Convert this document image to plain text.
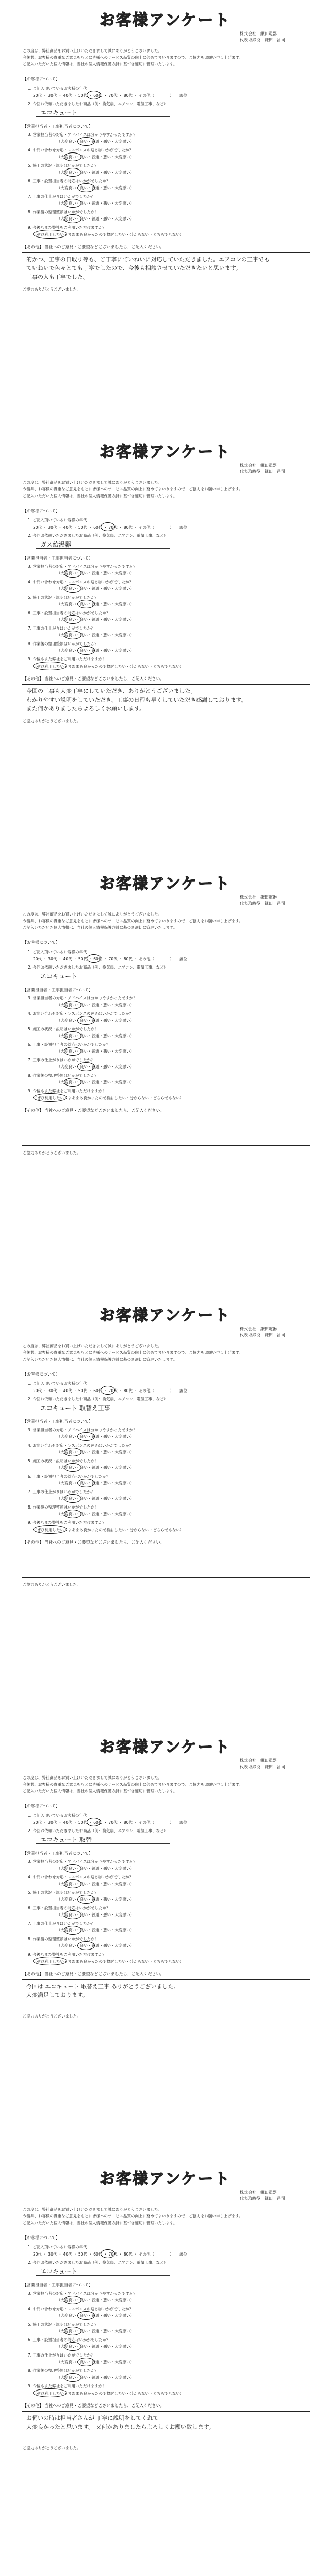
お客様アンケート
株式会社　鎌田電器
代表取締役　鎌田　昌司
この度は、弊社商品をお買い上げいただきまして誠にありがとうございました。
今後共、お客様の貴重なご意見をもとに皆様へのサービス品質の向上に努めてまいりますので、ご協力をお願い申し上げます。
ご記入いただいた個人情報は、当社の個人情報保護方針に基づき適切に管理いたします。
【お客様について】
1. ご記入頂いているお客様の年代
20代 ・ 30代 ・ 40代 ・ 50代 ・ 60代 ・ 70代 ・ 80代 ・ その他（　　　　）　　歳位
2. 今回お依頼いただきましたお商品（例：換気扇、エアコン、電気工事、など）
エコキュート
【営業担当者・工事担当者について】
3. 営業担当者の対応・アドバイスは分かりやすかったですか？
（大変良い・良い・普通・悪い・大変悪い）
4. お問い合わせ対応・レスポンスの速さはいかがでしたか？
（大変良い・良い・普通・悪い・大変悪い）
5. 施工の状況・説明はいかがでしたか？
（大変良い・良い・普通・悪い・大変悪い）
6. 工事・設置担当者の対応はいかがでしたか？
（大変良い・良い・普通・悪い・大変悪い）
7. 工事の仕上がりはいかがでしたか？
（大変良い・良い・普通・悪い・大変悪い）
8. 作業後の整理整頓はいかがでしたか？
（大変良い・良い・普通・悪い・大変悪い）
9. 今後もまた弊社をご利用いただけますか？
（ぜひ利用したい・まあまあ良かったので検討したい・分からない・どちらでもない）
【その他】 当社へのご意見・ご要望などございましたら、ご記入ください。
的かつ、工事の日取り等も、ご丁寧にていねいに対応していただきました。エアコンの工事でも
ていねいで色々とても丁寧でしたので、今後も相談させていただきたいと思います。
工事の人も丁寧でした。
ご協力ありがとうございました。
お客様アンケート
株式会社　鎌田電器
代表取締役　鎌田　昌司
この度は、弊社商品をお買い上げいただきまして誠にありがとうございました。
今後共、お客様の貴重なご意見をもとに皆様へのサービス品質の向上に努めてまいりますので、ご協力をお願い申し上げます。
ご記入いただいた個人情報は、当社の個人情報保護方針に基づき適切に管理いたします。
【お客様について】
1. ご記入頂いているお客様の年代
20代 ・ 30代 ・ 40代 ・ 50代 ・ 60代 ・ 70代 ・ 80代 ・ その他（　　　　）　　歳位
2. 今回お依頼いただきましたお商品（例：換気扇、エアコン、電気工事、など）
ガス給湯器
【営業担当者・工事担当者について】
3. 営業担当者の対応・アドバイスは分かりやすかったですか？
（大変良い・良い・普通・悪い・大変悪い）
4. お問い合わせ対応・レスポンスの速さはいかがでしたか？
（大変良い・良い・普通・悪い・大変悪い）
5. 施工の状況・説明はいかがでしたか？
（大変良い・良い・普通・悪い・大変悪い）
6. 工事・設置担当者の対応はいかがでしたか？
（大変良い・良い・普通・悪い・大変悪い）
7. 工事の仕上がりはいかがでしたか？
（大変良い・良い・普通・悪い・大変悪い）
8. 作業後の整理整頓はいかがでしたか？
（大変良い・良い・普通・悪い・大変悪い）
9. 今後もまた弊社をご利用いただけますか？
（ぜひ利用したい・まあまあ良かったので検討したい・分からない・どちらでもない）
【その他】 当社へのご意見・ご要望などございましたら、ご記入ください。
今回の工事も大変丁寧にしていただき、ありがとうございました。
わかりやすい説明をしていただき、工事の日程も早くしていただき感謝しております。
また何かありましたらよろしくお願いします。
ご協力ありがとうございました。
お客様アンケート
株式会社　鎌田電器
代表取締役　鎌田　昌司
この度は、弊社商品をお買い上げいただきまして誠にありがとうございました。
今後共、お客様の貴重なご意見をもとに皆様へのサービス品質の向上に努めてまいりますので、ご協力をお願い申し上げます。
ご記入いただいた個人情報は、当社の個人情報保護方針に基づき適切に管理いたします。
【お客様について】
1. ご記入頂いているお客様の年代
20代 ・ 30代 ・ 40代 ・ 50代 ・ 60代 ・ 70代 ・ 80代 ・ その他（　　　　）　　歳位
2. 今回お依頼いただきましたお商品（例：換気扇、エアコン、電気工事、など）
エコキュート
【営業担当者・工事担当者について】
3. 営業担当者の対応・アドバイスは分かりやすかったですか？
（大変良い・良い・普通・悪い・大変悪い）
4. お問い合わせ対応・レスポンスの速さはいかがでしたか？
（大変良い・良い・普通・悪い・大変悪い）
5. 施工の状況・説明はいかがでしたか？
（大変良い・良い・普通・悪い・大変悪い）
6. 工事・設置担当者の対応はいかがでしたか？
（大変良い・良い・普通・悪い・大変悪い）
7. 工事の仕上がりはいかがでしたか？
（大変良い・良い・普通・悪い・大変悪い）
8. 作業後の整理整頓はいかがでしたか？
（大変良い・良い・普通・悪い・大変悪い）
9. 今後もまた弊社をご利用いただけますか？
（ぜひ利用したい・まあまあ良かったので検討したい・分からない・どちらでもない）
【その他】 当社へのご意見・ご要望などございましたら、ご記入ください。
ご協力ありがとうございました。
お客様アンケート
株式会社　鎌田電器
代表取締役　鎌田　昌司
この度は、弊社商品をお買い上げいただきまして誠にありがとうございました。
今後共、お客様の貴重なご意見をもとに皆様へのサービス品質の向上に努めてまいりますので、ご協力をお願い申し上げます。
ご記入いただいた個人情報は、当社の個人情報保護方針に基づき適切に管理いたします。
【お客様について】
1. ご記入頂いているお客様の年代
20代 ・ 30代 ・ 40代 ・ 50代 ・ 60代 ・ 70代 ・ 80代 ・ その他（　　　　）　　歳位
2. 今回お依頼いただきましたお商品（例：換気扇、エアコン、電気工事、など）
エコキュート 取替え工事
【営業担当者・工事担当者について】
3. 営業担当者の対応・アドバイスは分かりやすかったですか？
（大変良い・良い・普通・悪い・大変悪い）
4. お問い合わせ対応・レスポンスの速さはいかがでしたか？
（大変良い・良い・普通・悪い・大変悪い）
5. 施工の状況・説明はいかがでしたか？
（大変良い・良い・普通・悪い・大変悪い）
6. 工事・設置担当者の対応はいかがでしたか？
（大変良い・良い・普通・悪い・大変悪い）
7. 工事の仕上がりはいかがでしたか？
（大変良い・良い・普通・悪い・大変悪い）
8. 作業後の整理整頓はいかがでしたか？
（大変良い・良い・普通・悪い・大変悪い）
9. 今後もまた弊社をご利用いただけますか？
（ぜひ利用したい・まあまあ良かったので検討したい・分からない・どちらでもない）
【その他】 当社へのご意見・ご要望などございましたら、ご記入ください。
ご協力ありがとうございました。
お客様アンケート
株式会社　鎌田電器
代表取締役　鎌田　昌司
この度は、弊社商品をお買い上げいただきまして誠にありがとうございました。
今後共、お客様の貴重なご意見をもとに皆様へのサービス品質の向上に努めてまいりますので、ご協力をお願い申し上げます。
ご記入いただいた個人情報は、当社の個人情報保護方針に基づき適切に管理いたします。
【お客様について】
1. ご記入頂いているお客様の年代
20代 ・ 30代 ・ 40代 ・ 50代 ・ 60代 ・ 70代 ・ 80代 ・ その他（　　　　）　　歳位
2. 今回お依頼いただきましたお商品（例：換気扇、エアコン、電気工事、など）
エコキュート 取替
【営業担当者・工事担当者について】
3. 営業担当者の対応・アドバイスは分かりやすかったですか？
（大変良い・良い・普通・悪い・大変悪い）
4. お問い合わせ対応・レスポンスの速さはいかがでしたか？
（大変良い・良い・普通・悪い・大変悪い）
5. 施工の状況・説明はいかがでしたか？
（大変良い・良い・普通・悪い・大変悪い）
6. 工事・設置担当者の対応はいかがでしたか？
（大変良い・良い・普通・悪い・大変悪い）
7. 工事の仕上がりはいかがでしたか？
（大変良い・良い・普通・悪い・大変悪い）
8. 作業後の整理整頓はいかがでしたか？
（大変良い・良い・普通・悪い・大変悪い）
9. 今後もまた弊社をご利用いただけますか？
（ぜひ利用したい・まあまあ良かったので検討したい・分からない・どちらでもない）
【その他】 当社へのご意見・ご要望などございましたら、ご記入ください。
今回は エコキュート 取替え工事 ありがとうございました。
大変満足しております。
ご協力ありがとうございました。
お客様アンケート
株式会社　鎌田電器
代表取締役　鎌田　昌司
この度は、弊社商品をお買い上げいただきまして誠にありがとうございました。
今後共、お客様の貴重なご意見をもとに皆様へのサービス品質の向上に努めてまいりますので、ご協力をお願い申し上げます。
ご記入いただいた個人情報は、当社の個人情報保護方針に基づき適切に管理いたします。
【お客様について】
1. ご記入頂いているお客様の年代
20代 ・ 30代 ・ 40代 ・ 50代 ・ 60代 ・ 70代 ・ 80代 ・ その他（　　　　）　　歳位
2. 今回お依頼いただきましたお商品（例：換気扇、エアコン、電気工事、など）
エコキュート
【営業担当者・工事担当者について】
3. 営業担当者の対応・アドバイスは分かりやすかったですか？
（大変良い・良い・普通・悪い・大変悪い）
4. お問い合わせ対応・レスポンスの速さはいかがでしたか？
（大変良い・良い・普通・悪い・大変悪い）
5. 施工の状況・説明はいかがでしたか？
（大変良い・良い・普通・悪い・大変悪い）
6. 工事・設置担当者の対応はいかがでしたか？
（大変良い・良い・普通・悪い・大変悪い）
7. 工事の仕上がりはいかがでしたか？
（大変良い・良い・普通・悪い・大変悪い）
8. 作業後の整理整頓はいかがでしたか？
（大変良い・良い・普通・悪い・大変悪い）
9. 今後もまた弊社をご利用いただけますか？
（ぜひ利用したい・まあまあ良かったので検討したい・分からない・どちらでもない）
【その他】 当社へのご意見・ご要望などございましたら、ご記入ください。
お伺いの時は担当者さんが 丁寧に説明をしてくれて
大変良かったと思います。 又何かありましたらよろしくお願い致します。
ご協力ありがとうございました。
